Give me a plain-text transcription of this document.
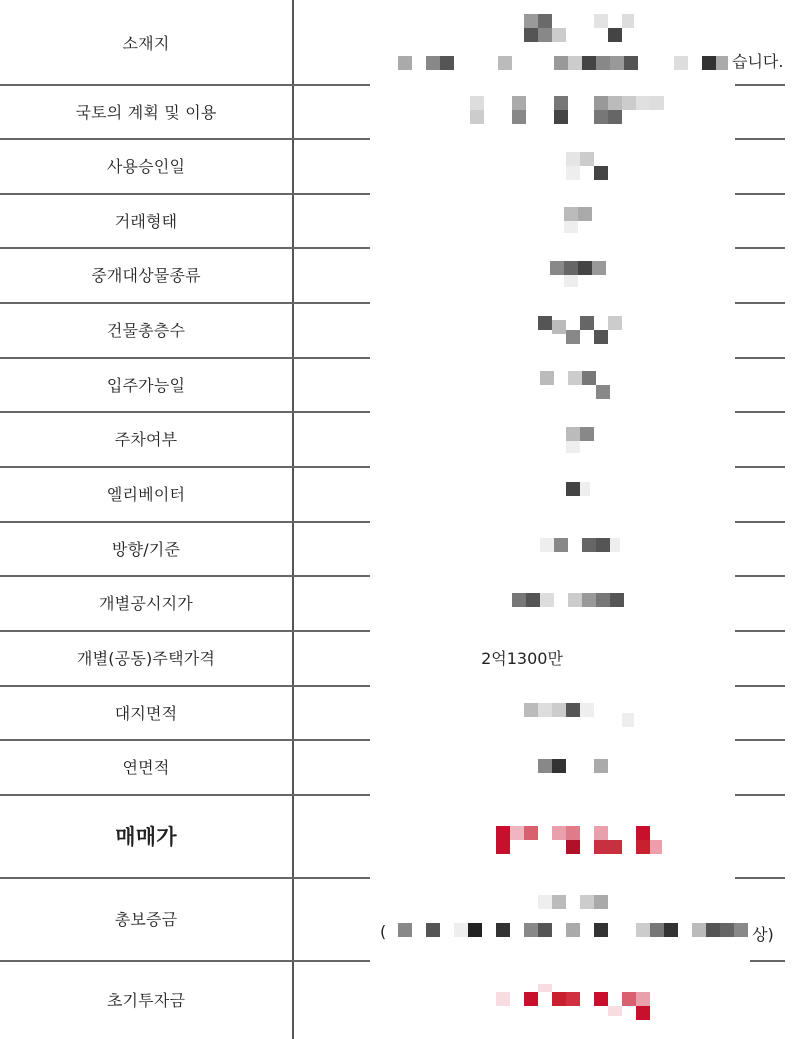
소재지
습니다.
국토의 계획 및 이용
사용승인일
거래형태
중개대상물종류
건물총층수
입주가능일
주차여부
엘리베이터
방향/기준
개별공시지가
개별(공동)주택가격	2억1300만
대지면적
연면적
매매가
총보증금
(	상)
초기투자금
